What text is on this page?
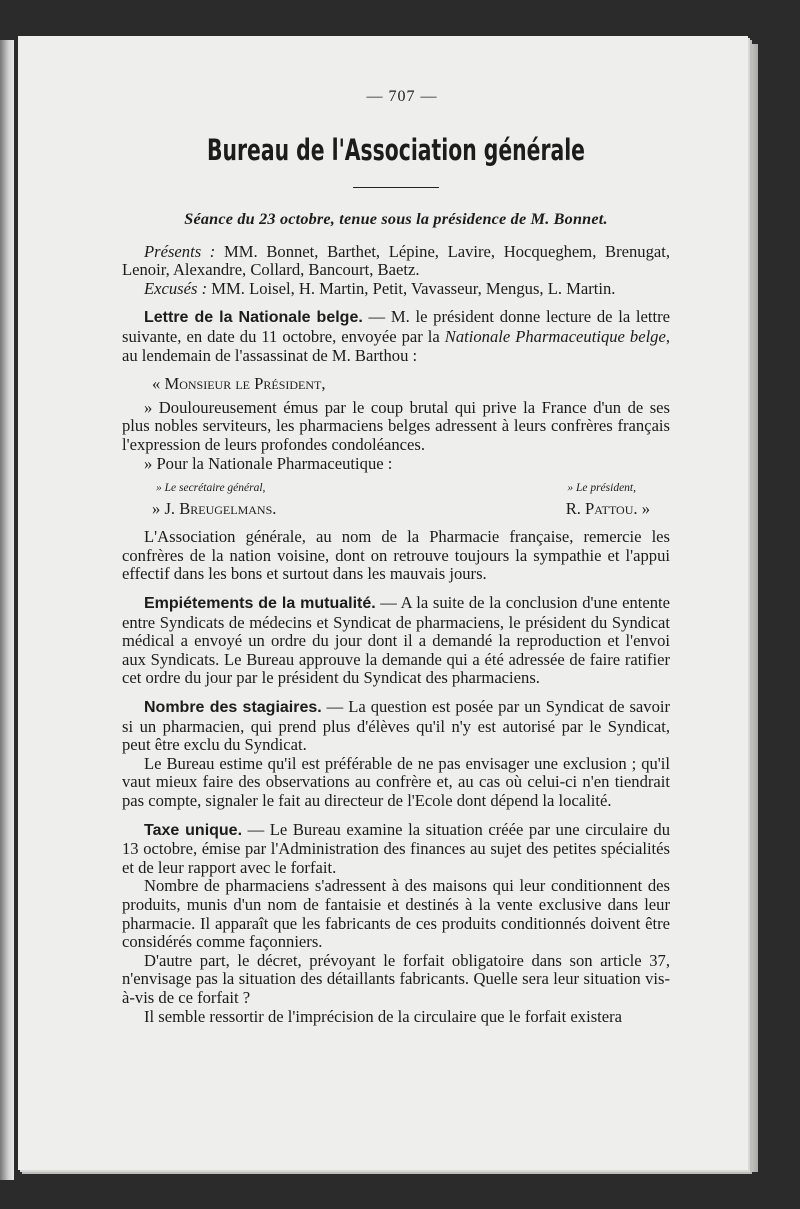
— 707 —
Bureau de l'Association générale
Séance du 23 octobre, tenue sous la présidence de M. Bonnet.

Présents : MM. Bonnet, Barthet, Lépine, Lavire, Hocqueghem, Brenugat, Lenoir, Alexandre, Collard, Bancourt, Baetz.

Excusés : MM. Loisel, H. Martin, Petit, Vavasseur, Mengus, L. Martin.

Lettre de la Nationale belge. — M. le président donne lecture de la lettre suivante, en date du 11 octobre, envoyée par la Nationale Pharmaceutique belge, au lendemain de l'assassinat de M. Barthou :

« Monsieur le Président,

» Douloureusement émus par le coup brutal qui prive la France d'un de ses plus nobles serviteurs, les pharmaciens belges adressent à leurs confrères français l'expression de leurs profondes condoléances.

» Pour la Nationale Pharmaceutique :

» Le secrétaire général,	» Le président,
» J. Breugelmans.	R. Pattou. »

L'Association générale, au nom de la Pharmacie française, remercie les confrères de la nation voisine, dont on retrouve toujours la sympathie et l'appui effectif dans les bons et surtout dans les mauvais jours.

Empiétements de la mutualité. — A la suite de la conclusion d'une entente entre Syndicats de médecins et Syndicat de pharmaciens, le président du Syndicat médical a envoyé un ordre du jour dont il a demandé la reproduction et l'envoi aux Syndicats. Le Bureau approuve la demande qui a été adressée de faire ratifier cet ordre du jour par le président du Syndicat des pharmaciens.

Nombre des stagiaires. — La question est posée par un Syndicat de savoir si un pharmacien, qui prend plus d'élèves qu'il n'y est autorisé par le Syndicat, peut être exclu du Syndicat.

Le Bureau estime qu'il est préférable de ne pas envisager une exclusion ; qu'il vaut mieux faire des observations au confrère et, au cas où celui-ci n'en tiendrait pas compte, signaler le fait au directeur de l'Ecole dont dépend la localité.

Taxe unique. — Le Bureau examine la situation créée par une circulaire du 13 octobre, émise par l'Administration des finances au sujet des petites spécialités et de leur rapport avec le forfait.

Nombre de pharmaciens s'adressent à des maisons qui leur conditionnent des produits, munis d'un nom de fantaisie et destinés à la vente exclusive dans leur pharmacie. Il apparaît que les fabricants de ces produits conditionnés doivent être considérés comme façonniers.

D'autre part, le décret, prévoyant le forfait obligatoire dans son article 37, n'envisage pas la situation des détaillants fabricants. Quelle sera leur situation vis-à-vis de ce forfait ?

Il semble ressortir de l'imprécision de la circulaire que le forfait existera
